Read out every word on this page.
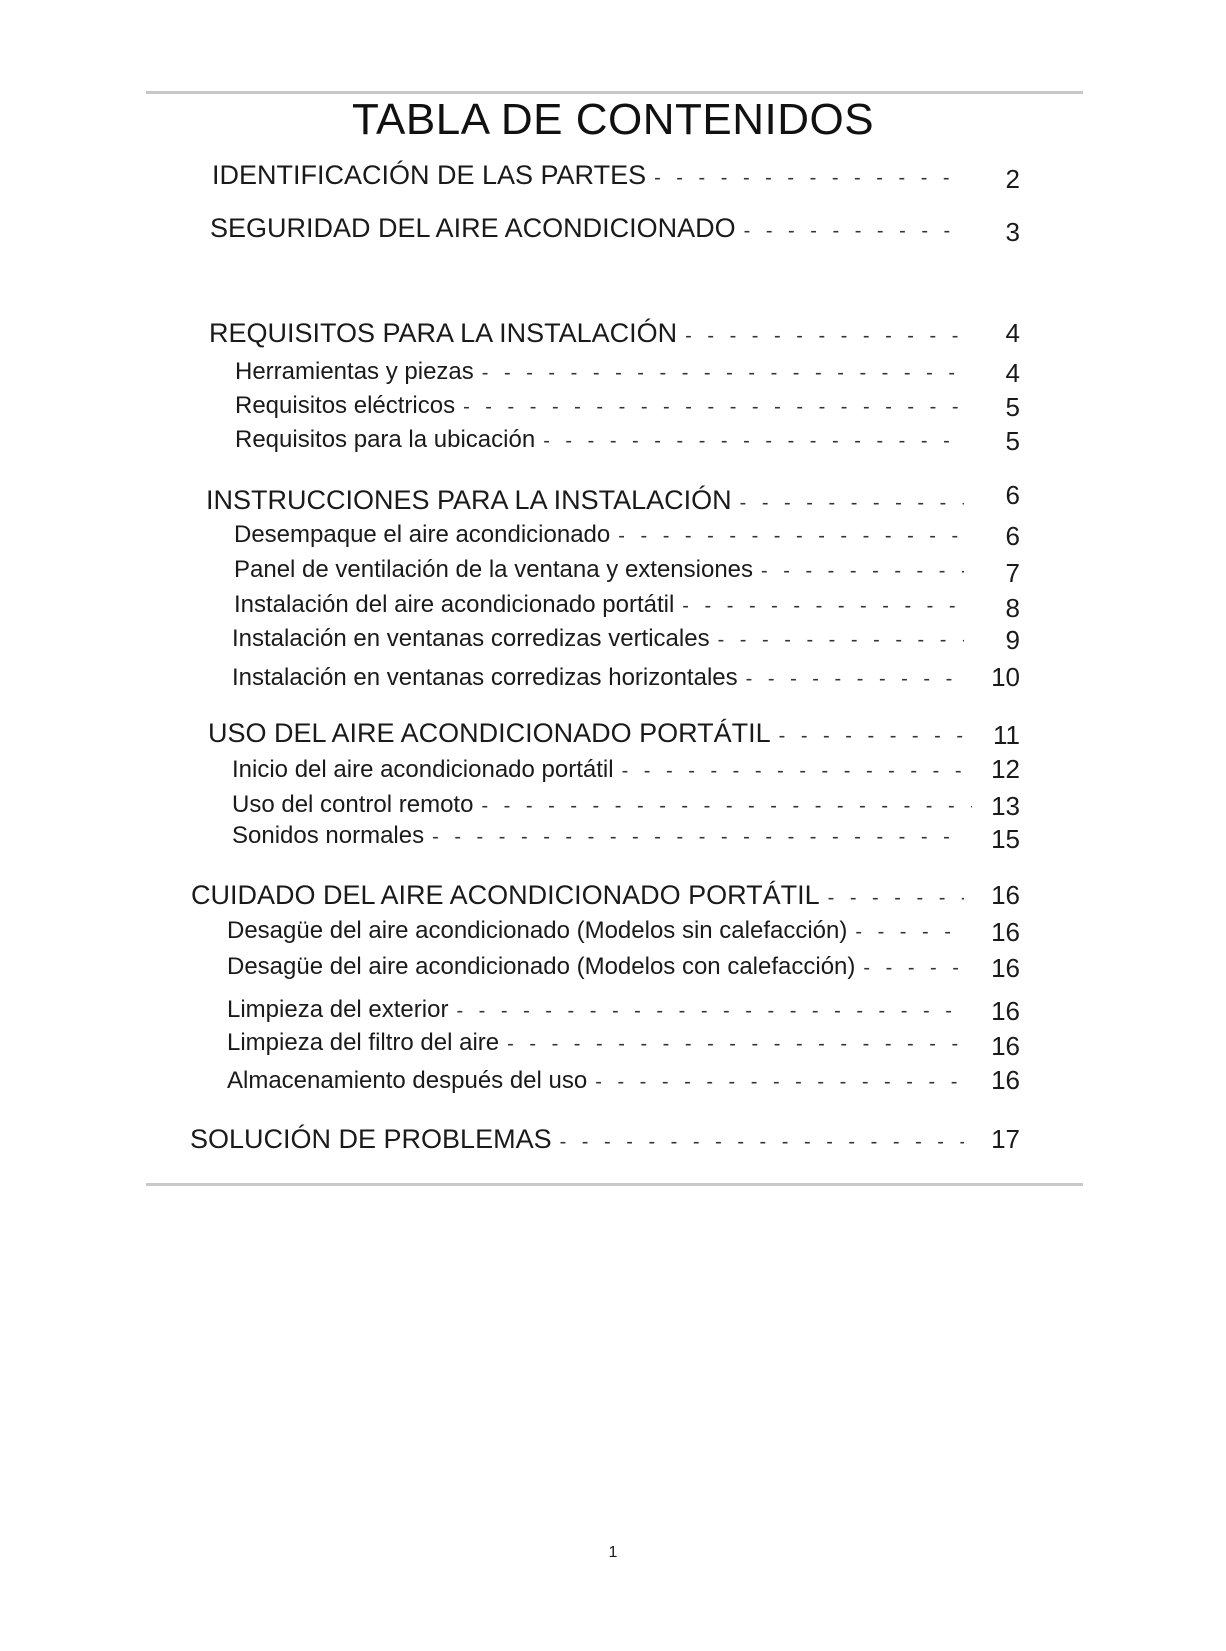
TABLA DE CONTENIDOS
IDENTIFICACIÓN DE LAS PARTES - - -	2
SEGURIDAD DEL AIRE ACONDICIONADO - - -	3
REQUISITOS PARA LA INSTALACIÓN - - -	4
Herramientas y piezas - - -	4
Requisitos eléctricos - - -	5
Requisitos para la ubicación - - -	5
INSTRUCCIONES PARA LA INSTALACIÓN - - -	6
Desempaque el aire acondicionado - - -	6
Panel de ventilación de la ventana y extensiones - - -	7
Instalación del aire acondicionado portátil - - -	8
Instalación en ventanas corredizas verticales - - -	9
Instalación en ventanas corredizas horizontales - - -	10
USO DEL AIRE ACONDICIONADO PORTÁTIL - - -	11
Inicio del aire acondicionado portátil - - -	12
Uso del control remoto - - -	13
Sonidos normales - - -	15
CUIDADO DEL AIRE ACONDICIONADO PORTÁTIL - - -	16
Desagüe del aire acondicionado (Modelos sin calefacción) - - -	16
Desagüe del aire acondicionado (Modelos con calefacción) - - -	16
Limpieza del exterior - - -	16
Limpieza del filtro del aire - - -	16
Almacenamiento después del uso - - -	16
SOLUCIÓN DE PROBLEMAS - - -	17
1
